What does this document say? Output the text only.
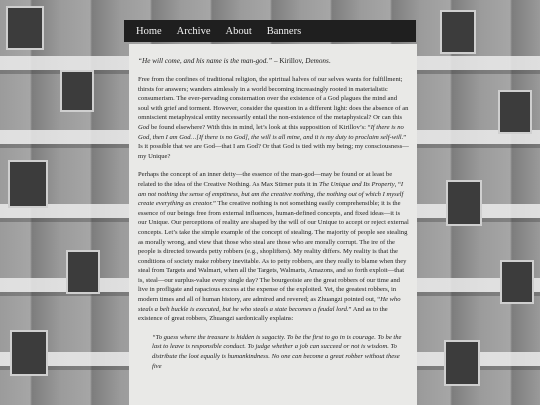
Home Archive About Banners

“He will come, and his name is the man-god.” – Kirillov, Demons.

Free from the confines of traditional religion, the spiritual halves of our selves wants for fulfillment; thirsts for answers; wanders aimlessly in a world becoming increasingly rooted in materialistic consumerism. The ever-pervading consternation over the existence of a God plagues the mind and soul with grief and torment. However, consider the question in a different light: does the absence of an omniscient metaphysical entity necessarily entail the non-existence of the metaphysical? Or can this God be found elsewhere? With this in mind, let’s look at this supposition of Kirillov’s: “If there is no God, then I am God…[If there is no God], the will is all mine, and it is my duty to proclaim self-will.” Is it possible that we are God—that I am God? Or that God is tied with my being; my consciousness—my Unique?

Perhaps the concept of an inner deity—the essence of the man-god—may be found or at least be related to the idea of the Creative Nothing. As Max Stirner puts it in The Unique and Its Property, “I am not nothing the sense of emptiness, but am the creative nothing, the nothing out of which I myself create everything as creator.” The creative nothing is not something easily comprehensible; it is the essence of our beings free from external influences, human-defined concepts, and fixed ideas—it is our Unique. Our perceptions of reality are shaped by the will of our Unique to accept or reject external concepts. Let’s take the simple example of the concept of stealing. The majority of people see stealing as morally wrong, and view that those who steal are those who are morally corrupt. The ire of the people is directed towards petty robbers (e.g., shoplifters). My reality differs. My reality is that the conditions of society make robbery inevitable. As to petty robbers, are they really to blame when they steal from Targets and Walmart, when all the Targets, Walmarts, Amazons, and so forth exploit—that is, steal—our surplus-value every single day? The bourgeoisie are the great robbers of our time and live in profligate and rapacious excess at the expense of the exploited. Yet, the greatest robbers, in modern times and all of human history, are admired and revered; as Zhuangzi pointed out, “He who steals a belt buckle is executed, but he who steals a state becomes a feudal lord.” And as to the existence of great robbers, Zhuangzi sardonically explains:

“To guess where the treasure is hidden is sagacity. To be the first to go in is courage. To be the last to leave is responsible conduct. To judge whether a job can succeed or not is wisdom. To distribute the loot equally is humankindness. No one can become a great robber without these five
